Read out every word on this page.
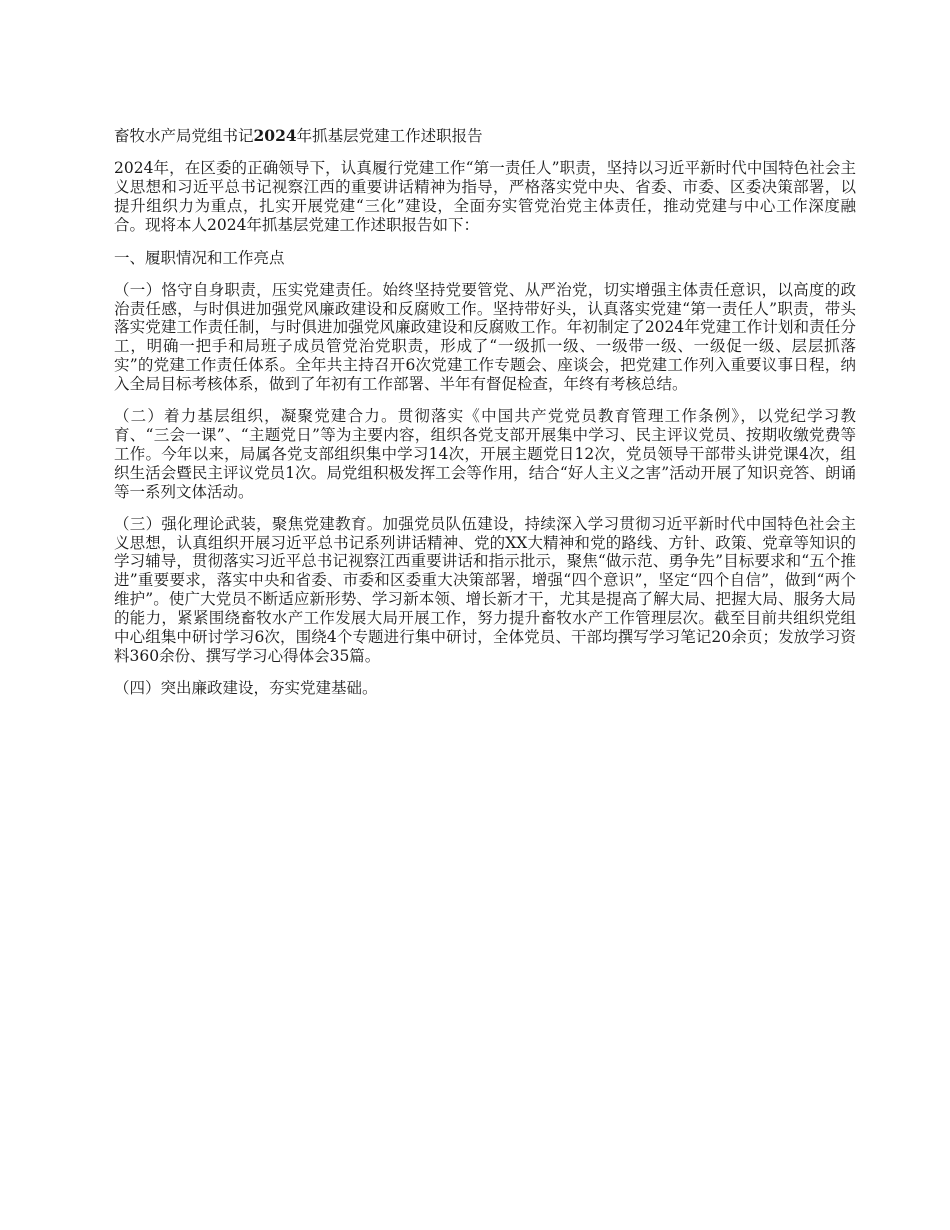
畜牧水产局党组书记2024年抓基层党建工作述职报告

2024年，在区委的正确领导下，认真履行党建工作“第一责任人”职责，坚持以习近平新时代中国特色社会主义思想和习近平总书记视察江西的重要讲话精神为指导，严格落实党中央、省委、市委、区委决策部署，以提升组织力为重点，扎实开展党建“三化”建设，全面夯实管党治党主体责任，推动党建与中心工作深度融合。现将本人2024年抓基层党建工作述职报告如下：

一、履职情况和工作亮点

（一）恪守自身职责，压实党建责任。始终坚持党要管党、从严治党，切实增强主体责任意识，以高度的政治责任感，与时俱进加强党风廉政建设和反腐败工作。坚持带好头，认真落实党建“第一责任人”职责，带头落实党建工作责任制，与时俱进加强党风廉政建设和反腐败工作。年初制定了2024年党建工作计划和责任分工，明确一把手和局班子成员管党治党职责，形成了“一级抓一级、一级带一级、一级促一级、层层抓落实”的党建工作责任体系。全年共主持召开6次党建工作专题会、座谈会，把党建工作列入重要议事日程，纳入全局目标考核体系，做到了年初有工作部署、半年有督促检查，年终有考核总结。

（二）着力基层组织，凝聚党建合力。贯彻落实《中国共产党党员教育管理工作条例》，以党纪学习教育、“三会一课”、“主题党日”等为主要内容，组织各党支部开展集中学习、民主评议党员、按期收缴党费等工作。今年以来，局属各党支部组织集中学习14次，开展主题党日12次，党员领导干部带头讲党课4次，组织生活会暨民主评议党员1次。局党组积极发挥工会等作用，结合“好人主义之害”活动开展了知识竞答、朗诵等一系列文体活动。

（三）强化理论武装，聚焦党建教育。加强党员队伍建设，持续深入学习贯彻习近平新时代中国特色社会主义思想，认真组织开展习近平总书记系列讲话精神、党的XX大精神和党的路线、方针、政策、党章等知识的学习辅导，贯彻落实习近平总书记视察江西重要讲话和指示批示，聚焦“做示范、勇争先”目标要求和“五个推进”重要要求，落实中央和省委、市委和区委重大决策部署，增强“四个意识”，坚定“四个自信”，做到“两个维护”。使广大党员不断适应新形势、学习新本领、增长新才干，尤其是提高了解大局、把握大局、服务大局的能力，紧紧围绕畜牧水产工作发展大局开展工作，努力提升畜牧水产工作管理层次。截至目前共组织党组中心组集中研讨学习6次，围绕4个专题进行集中研讨，全体党员、干部均撰写学习笔记20余页；发放学习资料360余份、撰写学习心得体会35篇。

（四）突出廉政建设，夯实党建基础。
